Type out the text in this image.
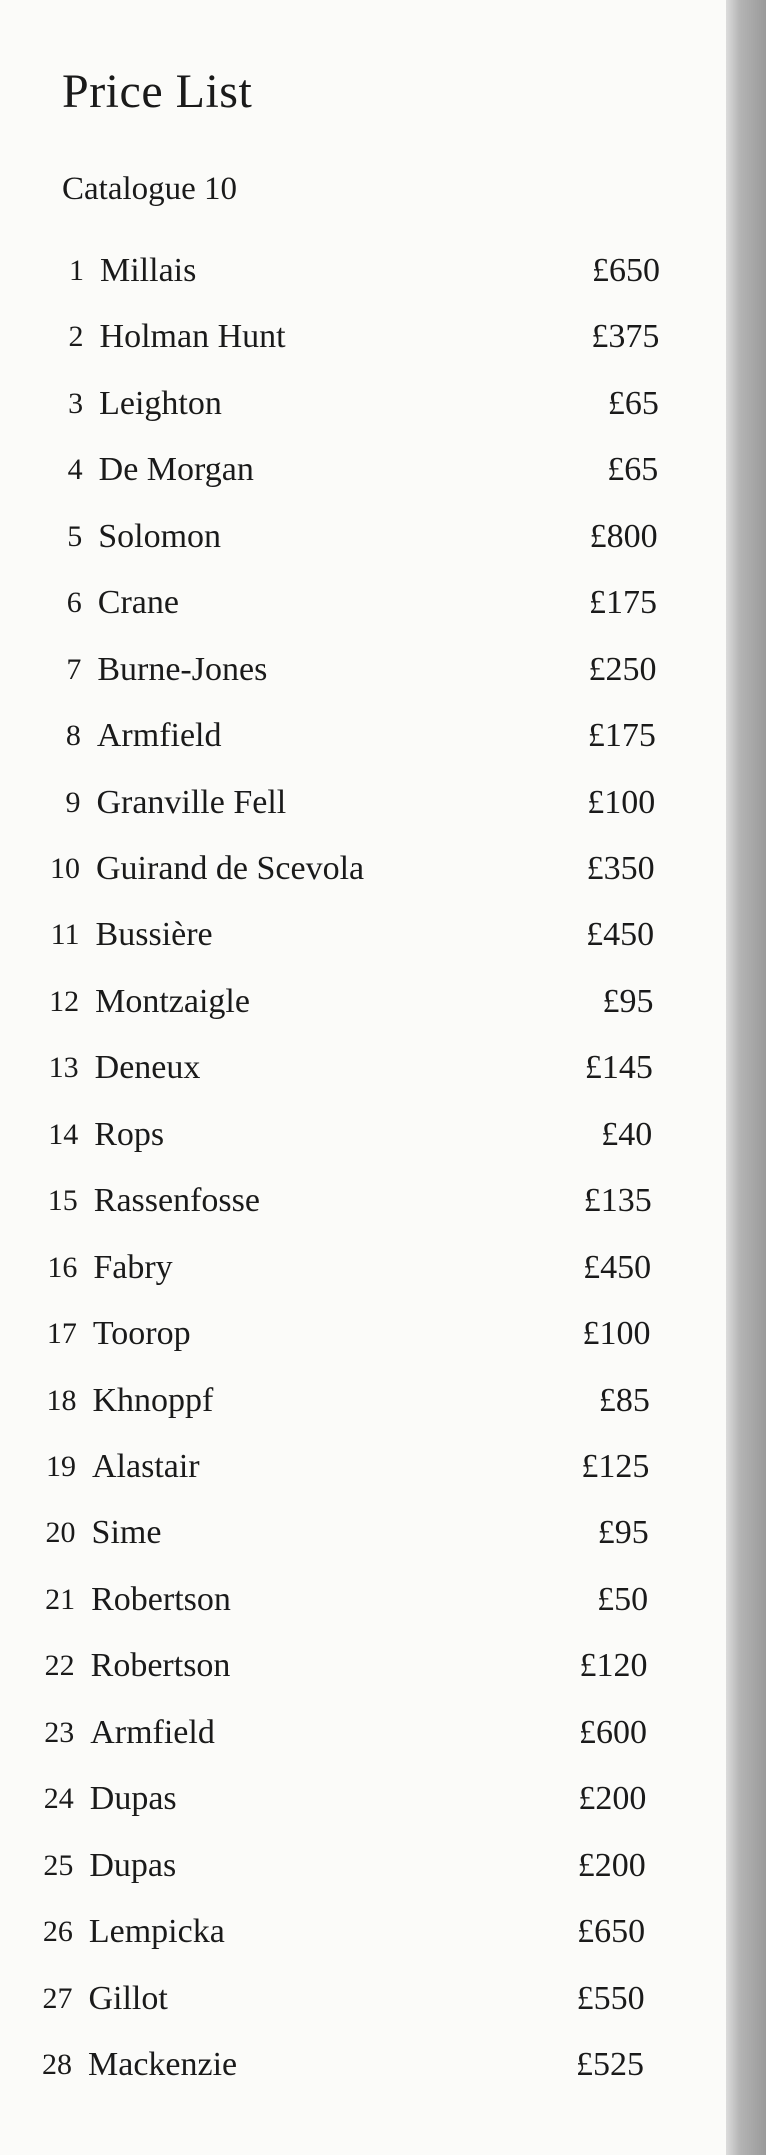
Price List
Catalogue 10
1 Millais	£650
2 Holman Hunt	£375
3 Leighton	£65
4 De Morgan	£65
5 Solomon	£800
6 Crane	£175
7 Burne-Jones	£250
8 Armfield	£175
9 Granville Fell	£100
10 Guirand de Scevola	£350
11 Bussière	£450
12 Montzaigle	£95
13 Deneux	£145
14 Rops	£40
15 Rassenfosse	£135
16 Fabry	£450
17 Toorop	£100
18 Khnoppf	£85
19 Alastair	£125
20 Sime	£95
21 Robertson	£50
22 Robertson	£120
23 Armfield	£600
24 Dupas	£200
25 Dupas	£200
26 Lempicka	£650
27 Gillot	£550
28 Mackenzie	£525
